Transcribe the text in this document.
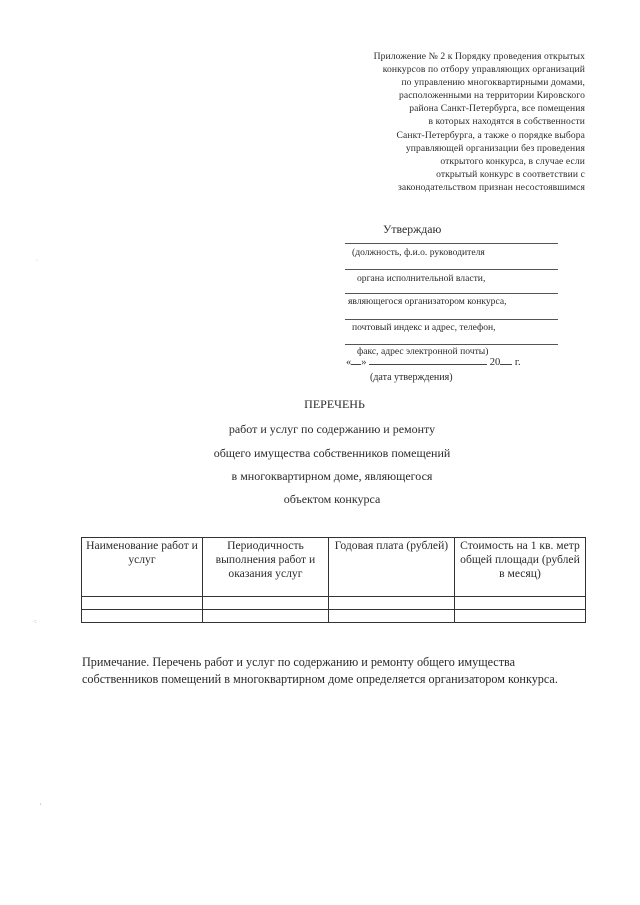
Приложение № 2 к Порядку проведения открытых
конкурсов по отбору управляющих организаций
по управлению многоквартирными домами,
расположенными на территории Кировского
района Санкт-Петербурга, все помещения
в которых находятся в собственности
Санкт-Петербурга, а также о порядке выбора
управляющей организации без проведения
открытого конкурса, в случае если
открытый конкурс в соответствии с
законодательством признан несостоявшимся
Утверждаю
(должность, ф.и.о. руководителя
органа исполнительной власти,
являющегося организатором конкурса,
почтовый индекс и адрес, телефон,
факс, адрес электронной почты)
« »	20 г.
(дата утверждения)
ПЕРЕЧЕНЬ
работ и услуг по содержанию и ремонту
общего имущества собственников помещений
в многоквартирном доме, являющегося
объектом конкурса
Наименование работ и услуг	Периодичность выполнения работ и оказания услуг	Годовая плата (рублей)	Стоимость на 1 кв. метр общей площади (рублей в месяц)

Примечание. Перечень работ и услуг по содержанию и ремонту общего имущества собственников помещений в многоквартирном доме определяется организатором конкурса.
·
·:
,
